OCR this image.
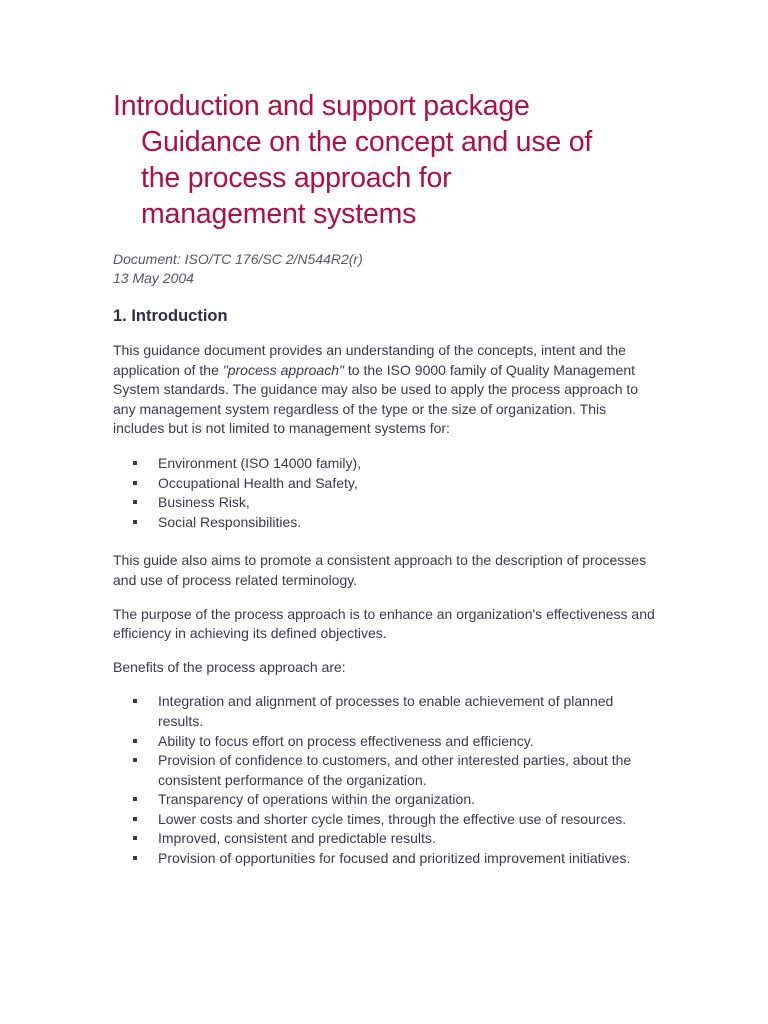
Introduction and support package
Guidance on the concept and use of
the process approach for
management systems
Document: ISO/TC 176/SC 2/N544R2(r)
13 May 2004
1. Introduction

This guidance document provides an understanding of the concepts, intent and the application of the "process approach" to the ISO 9000 family of Quality Management System standards. The guidance may also be used to apply the process approach to any management system regardless of the type or the size of organization. This includes but is not limited to management systems for:

Environment (ISO 14000 family),
Occupational Health and Safety,
Business Risk,
Social Responsibilities.

This guide also aims to promote a consistent approach to the description of processes and use of process related terminology.

The purpose of the process approach is to enhance an organization's effectiveness and efficiency in achieving its defined objectives.

Benefits of the process approach are:

Integration and alignment of processes to enable achievement of planned results.
Ability to focus effort on process effectiveness and efficiency.
Provision of confidence to customers, and other interested parties, about the consistent performance of the organization.
Transparency of operations within the organization.
Lower costs and shorter cycle times, through the effective use of resources.
Improved, consistent and predictable results.
Provision of opportunities for focused and prioritized improvement initiatives.
